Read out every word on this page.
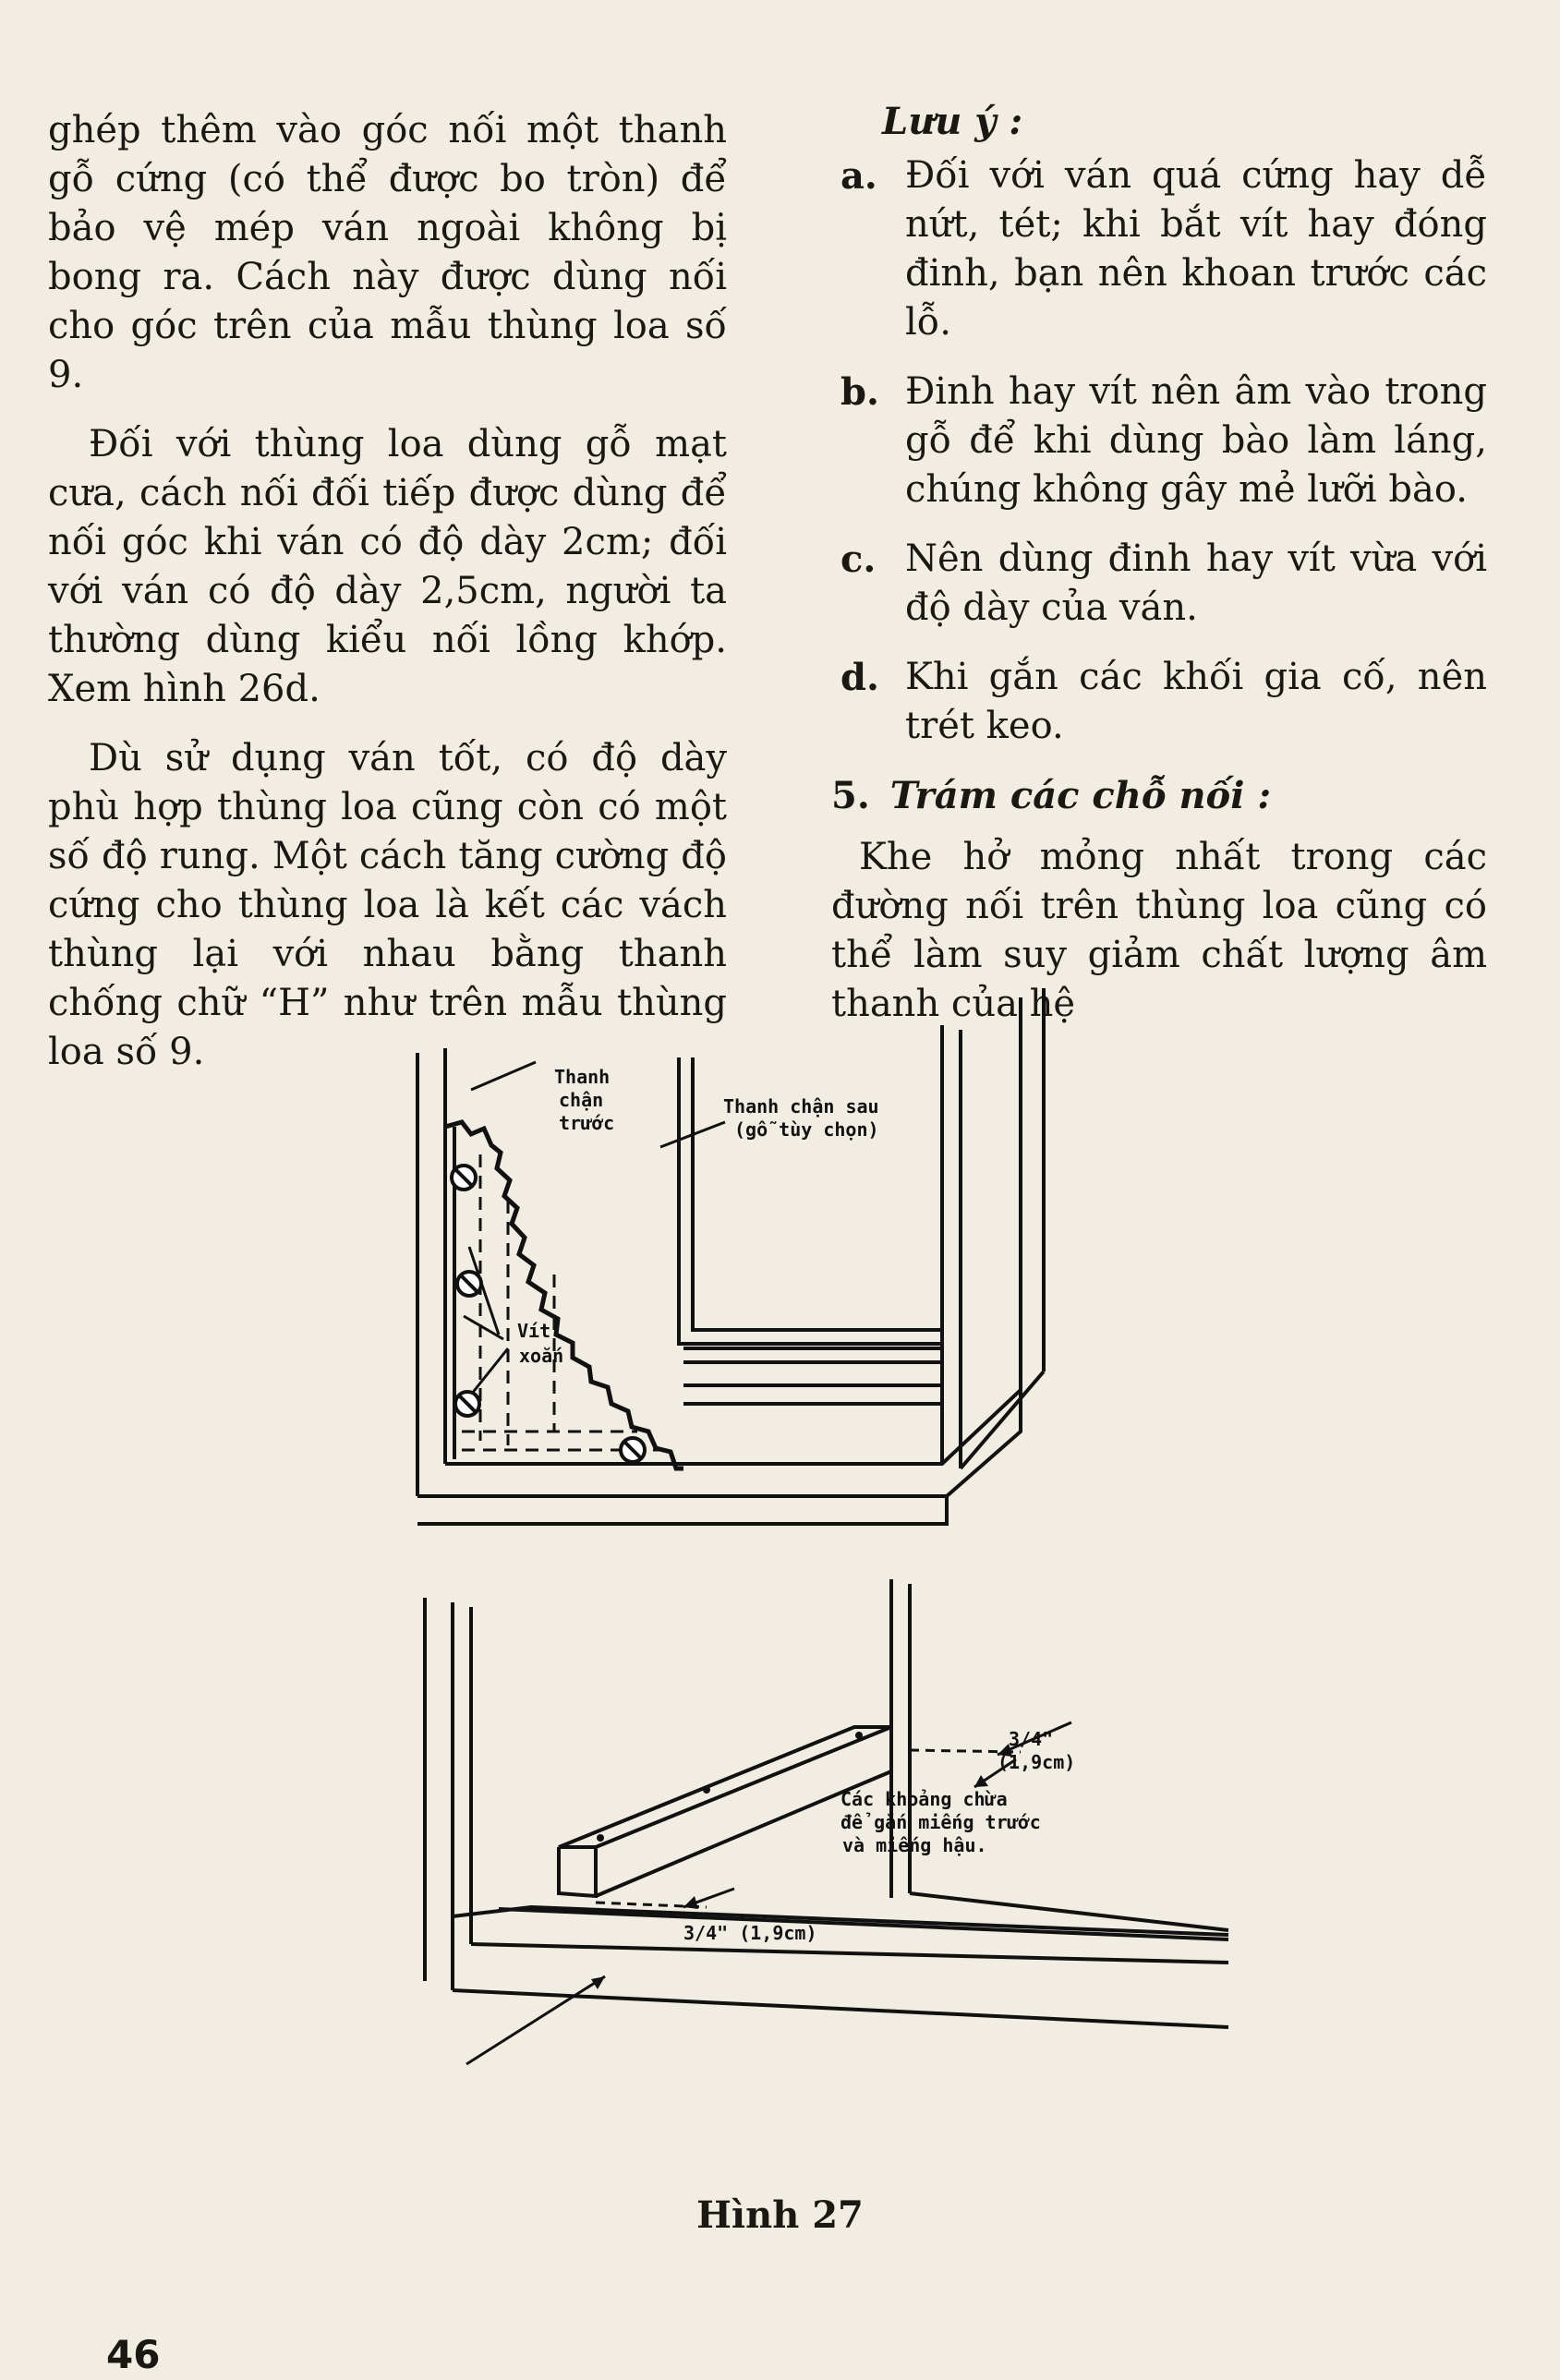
ghép thêm vào góc nối một thanh gỗ cứng (có thể được bo tròn) để bảo vệ mép ván ngoài không bị bong ra. Cách này được dùng nối cho góc trên của mẫu thùng loa số 9.

Đối với thùng loa dùng gỗ mạt cưa, cách nối đối tiếp được dùng để nối góc khi ván có độ dày 2cm; đối với ván có độ dày 2,5cm, người ta thường dùng kiểu nối lồng khớp. Xem hình 26d.

Dù sử dụng ván tốt, có độ dày phù hợp thùng loa cũng còn có một số độ rung. Một cách tăng cường độ cứng cho thùng loa là kết các vách thùng lại với nhau bằng thanh chống chữ “H” như trên mẫu thùng loa số 9.

Lưu ý :
a. Đối với ván quá cứng hay dễ nứt, tét; khi bắt vít hay đóng đinh, bạn nên khoan trước các lỗ.
b. Đinh hay vít nên âm vào trong gỗ để khi dùng bào làm láng, chúng không gây mẻ lưỡi bào.
c. Nên dùng đinh hay vít vừa với độ dày của ván.
d. Khi gắn các khối gia cố, nên trét keo.
5. Trám các chỗ nối :

Khe hở mỏng nhất trong các đường nối trên thùng loa cũng có thể làm suy giảm chất lượng âm thanh của hệ

Thanh
chận
trước
Thanh chận sau
(gỗ tùy chọn)
Vít
xoắn
3/4"
(1,9cm)
Các khoảng chừa
để gắn miếng trước
và miếng hậu.
3/4" (1,9cm)
Hình 27
46
